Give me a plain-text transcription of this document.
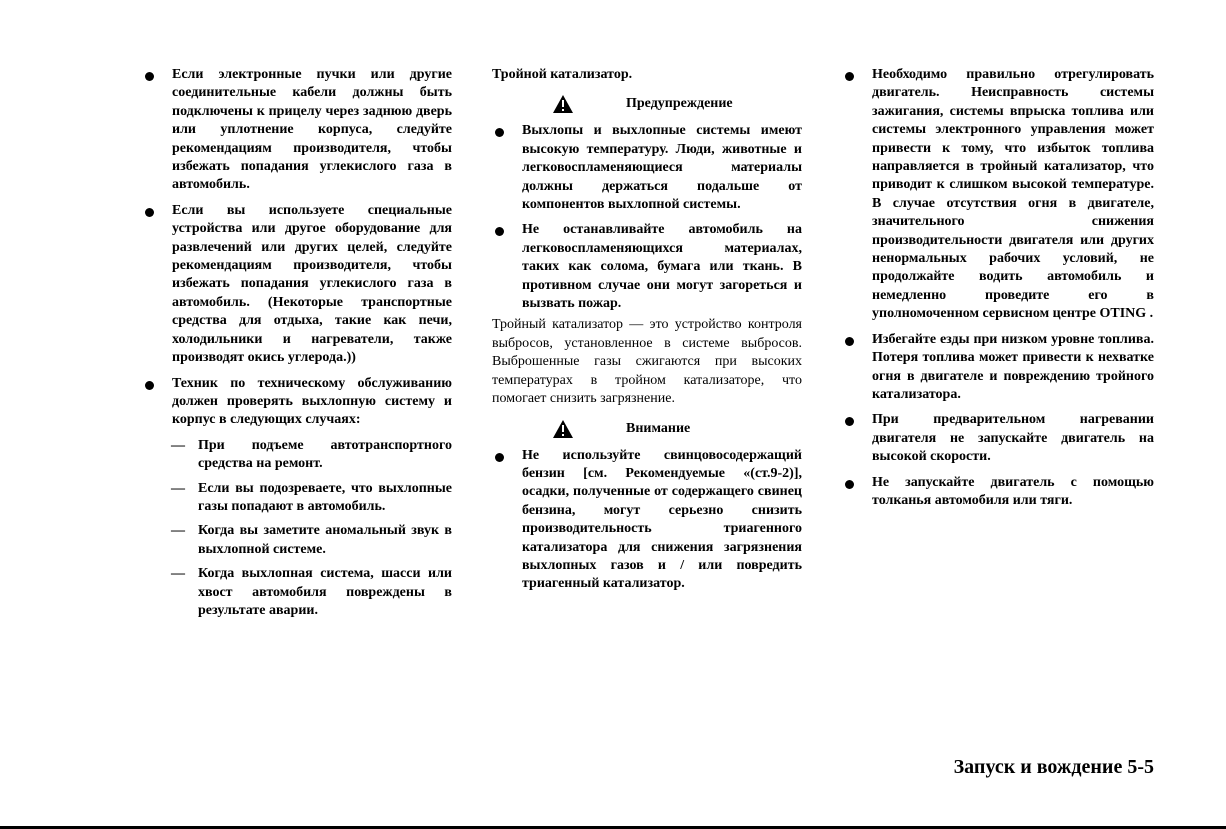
Если электронные пучки или другие соединительные кабели должны быть подключены к прицелу через заднюю дверь или уплотнение корпуса, следуйте рекомендациям производителя, чтобы избежать попадания углекислого газа в автомобиль.

Если вы используете специальные устройства или другое оборудование для развлечений или других целей, следуйте рекомендациям производителя, чтобы избежать попадания углекислого газа в автомобиль. (Некоторые транспортные средства для отдыха, такие как печи, холодильники и нагреватели, также производят окись углерода.))

Техник по техническому обслуживанию должен проверять выхлопную систему и корпус в следующих случаях:

— При подъеме автотранспортного средства на ремонт.

— Если вы подозреваете, что выхлопные газы попадают в автомобиль.

— Когда вы заметите аномальный звук в выхлопной системе.

— Когда выхлопная система, шасси или хвост автомобиля повреждены в результате аварии.

Тройной катализатор.

Предупреждение

Выхлопы и выхлопные системы имеют высокую температуру. Люди, животные и легковоспламеняющиеся материалы должны держаться подальше от компонентов выхлопной системы.

Не останавливайте автомобиль на легковоспламеняющихся материалах, таких как солома, бумага или ткань. В противном случае они могут загореться и вызвать пожар.

Тройный катализатор — это устройство контроля выбросов, установленное в системе выбросов. Выброшенные газы сжигаются при высоких температурах в тройном катализаторе, что помогает снизить загрязнение.

Внимание

Не используйте свинцовосодержащий бензин [см. Рекомендуемые «(ст.9-2)], осадки, полученные от содержащего свинец бензина, могут серьезно снизить производительность триагенного катализатора для снижения загрязнения выхлопных газов и / или повредить триагенный катализатор.

Необходимо правильно отрегулировать двигатель. Неисправность системы зажигания, системы впрыска топлива или системы электронного управления может привести к тому, что избыток топлива направляется в тройный катализатор, что приводит к слишком высокой температуре. В случае отсутствия огня в двигателе, значительного снижения производительности двигателя или других ненормальных рабочих условий, не продолжайте водить автомобиль и немедленно проведите его в уполномоченном сервисном центре OTING .

Избегайте езды при низком уровне топлива. Потеря топлива может привести к нехватке огня в двигателе и повреждению тройного катализатора.

При предварительном нагревании двигателя не запускайте двигатель на высокой скорости.

Не запускайте двигатель с помощью толканья автомобиля или тяги.

Запуск и вождение 5-5
